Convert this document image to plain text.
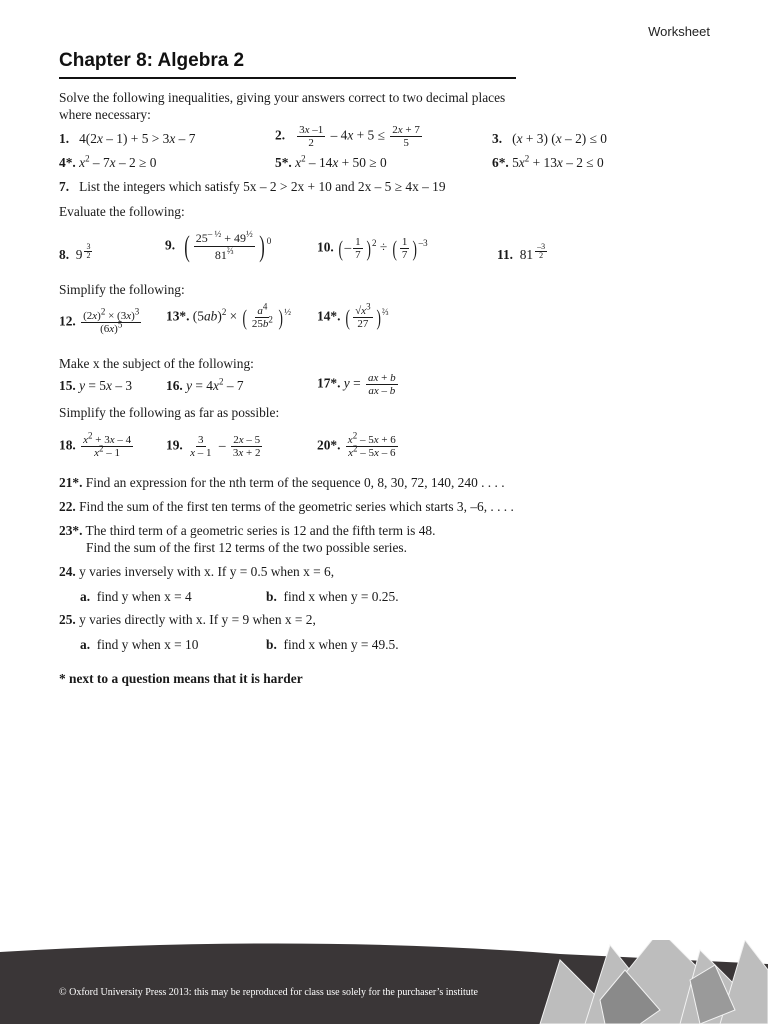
Worksheet
Chapter 8: Algebra 2
Solve the following inequalities, giving your answers correct to two decimal places
where necessary:
1.   4(2x – 1) + 5 > 3x – 7	2. $\frac{3x -1}{2} - 4x + 5 \le \frac{2x + 7}{5}$	3.   (x + 3) (x – 2) ≤ 0
4*. $x^2 - 7x - 2 \ge 0$	5*. $x^2 - 14x + 50 \ge 0$	6*. $5x^2 + 13x - 2 \le 0$
7. List the integers which satisfy 5x – 2 > 2x + 10 and 2x – 5 ≥ 4x – 19
Evaluate the following:
8.  9 $^{\frac{3}{2}}$	9. ( $\frac{25^{- \frac{1}{2}} + 49^{\frac{1}{2}}}{81^{\frac{2}{3}}}$ ) $^0$	10. (– $\frac{1}{7} )^2$ ÷ ( $\frac{1}{7} )^{-3}$
11.  81 $^{\frac{-3}{2}}$
Simplify the following:
12. $\frac{(2x)^2 \times (3x)^3}{(6x)^5} 13*$. $(5ab)^2$ × ( $\frac{a^4}{25b^2} )^{\frac{1}{2}}$ 14*. ( $\frac{√x^3}{27} )^{\frac{2}{3}}$
Make x the subject of the following:
15. y = 5x – 3	16. $y = 4x^2 - 7$	17*. $y = \frac{ax + b}{ax - b}$
Simplify the following as far as possible:
18. $\frac{x^2 + 3x - 4}{x^2 - 1} 19$. $\frac{3}{x - 1} - \frac{2x - 5}{3x + 2}$	20*. $\frac{x^2 - 5x + 6}{x^2 - 5x - 6}$
21*. Find an expression for the nth term of the sequence 0, 8, 30, 72, 140, 240 . . . .
22. Find the sum of the first ten terms of the geometric series which starts 3, –6, . . . .
23*. The third term of a geometric series is 12 and the fifth term is 48.
Find the sum of the first 12 terms of the two possible series.
24. y varies inversely with x. If y = 0.5 when x = 6,
a. find y when x = 4	b. find x when y = 0.25.
25. y varies directly with x. If y = 9 when x = 2,
a. find y when x = 10	b. find x when y = 49.5.
* next to a question means that it is harder
© Oxford University Press 2013: this may be reproduced for class use solely for the purchaser’s institute
